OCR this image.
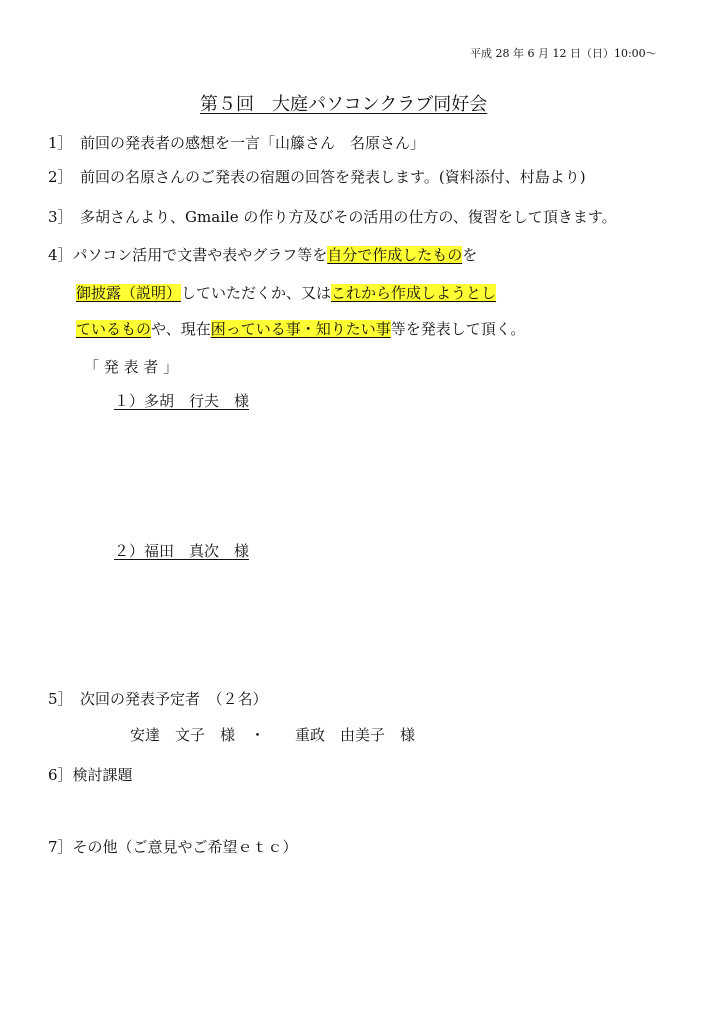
平成 28 年 6 月 12 日（日）10:00～
第５回　大庭パソコンクラブ同好会
1］　前回の発表者の感想を一言「山籐さん　名原さん」
2］　前回の名原さんのご発表の宿題の回答を発表します。(資料添付、村島より)
3］　多胡さんより、Gmaile の作り方及びその活用の仕方の、復習をして頂きます。
4］パソコン活用で文書や表やグラフ等を自分で作成したものを
御披露（説明）していただくか、又はこれから作成しようとし
ているものや、現在困っている事・知りたい事等を発表して頂く。
「 発 表 者 」
１）多胡　行夫　様
２）福田　真次　様
5］　次回の発表予定者　（２名）
安達　文子　様　・　　重政　由美子　様
6］検討課題
7］その他（ご意見やご希望ｅｔｃ）
